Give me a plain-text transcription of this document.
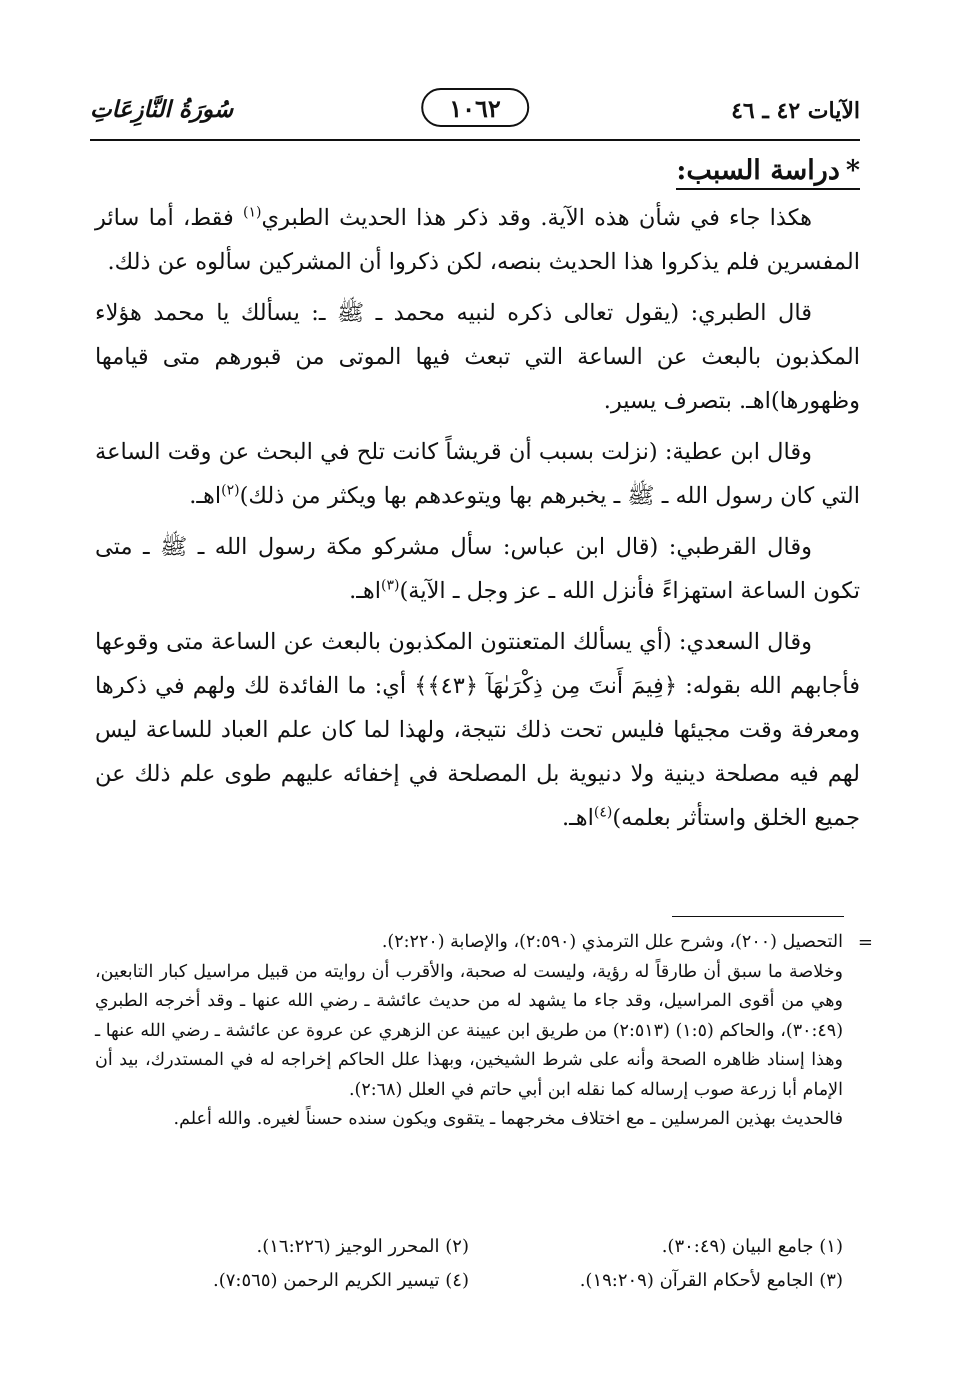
الآيات ٤٢ ـ ٤٦
١٠٦٢
سُورَةُ النَّازِعَاتِ
*دراسة السبب:

هكذا جاء في شأن هذه الآية. وقد ذكر هذا الحديث الطبري$^{(١)}$ فقط، أما سائر المفسرين فلم يذكروا هذا الحديث بنصه، لكن ذكروا أن المشركين سألوه عن ذلك.

قال الطبري: (يقول تعالى ذكره لنبيه محمد ـ ﷺ ـ: يسألك يا محمد هؤلاء المكذبون بالبعث عن الساعة التي تبعث فيها الموتى من قبورهم متى قيامها وظهورها)اهـ. بتصرف يسير.

وقال ابن عطية: (نزلت بسبب أن قريشاً كانت تلح في البحث عن وقت الساعة التي كان رسول الله ـ ﷺ ـ يخبرهم بها ويتوعدهم بها ويكثر من ذلك)$^{(٢)}$اهـ.

وقال القرطبي: (قال ابن عباس: سأل مشركو مكة رسول الله ـ ﷺ ـ متى تكون الساعة استهزاءً فأنزل الله ـ عز وجل ـ الآية)$^{(٣)}$اهـ.

وقال السعدي: (أي يسألك المتعنتون المكذبون بالبعث عن الساعة متى وقوعها فأجابهم الله بقوله: ﴿فِيمَ أَنتَ مِن ذِكْرَىٰهَآ ﴿٤٣﴾﴾ أي: ما الفائدة لك ولهم في ذكرها ومعرفة وقت مجيئها فليس تحت ذلك نتيجة، ولهذا لما كان علم العباد للساعة ليس لهم فيه مصلحة دينية ولا دنيوية بل المصلحة في إخفائه عليهم طوى علم ذلك عن جميع الخلق واستأثر بعلمه)$^{(٤)}$اهـ.

=
التحصيل (٢٠٠)، وشرح علل الترمذي (٢:٥٩٠)، والإصابة (٢:٢٢٠).
وخلاصة ما سبق أن طارقاً له رؤية، وليست له صحبة، والأقرب أن روايته من قبيل مراسيل كبار التابعين، وهي من أقوى المراسيل، وقد جاء ما يشهد له من حديث عائشة ـ رضي الله عنها ـ وقد أخرجه الطبري (٣٠:٤٩)، والحاكم (١:٥) (٢:٥١٣) من طريق ابن عيينة عن الزهري عن عروة عن عائشة ـ رضي الله عنها ـ وهذا إسناد ظاهره الصحة وأنه على شرط الشيخين، وبهذا علل الحاكم إخراجه له في المستدرك، بيد أن الإمام أبا زرعة صوب إرساله كما نقله ابن أبي حاتم في العلل (٢:٦٨).
فالحديث بهذين المرسلين ـ مع اختلاف مخرجهما ـ يتقوى ويكون سنده حسناً لغيره. والله أعلم.
(١) جامع البيان (٣٠:٤٩).
(٢) المحرر الوجيز (١٦:٢٢٦).
(٣) الجامع لأحكام القرآن (١٩:٢٠٩).
(٤) تيسير الكريم الرحمن (٧:٥٦٥).
